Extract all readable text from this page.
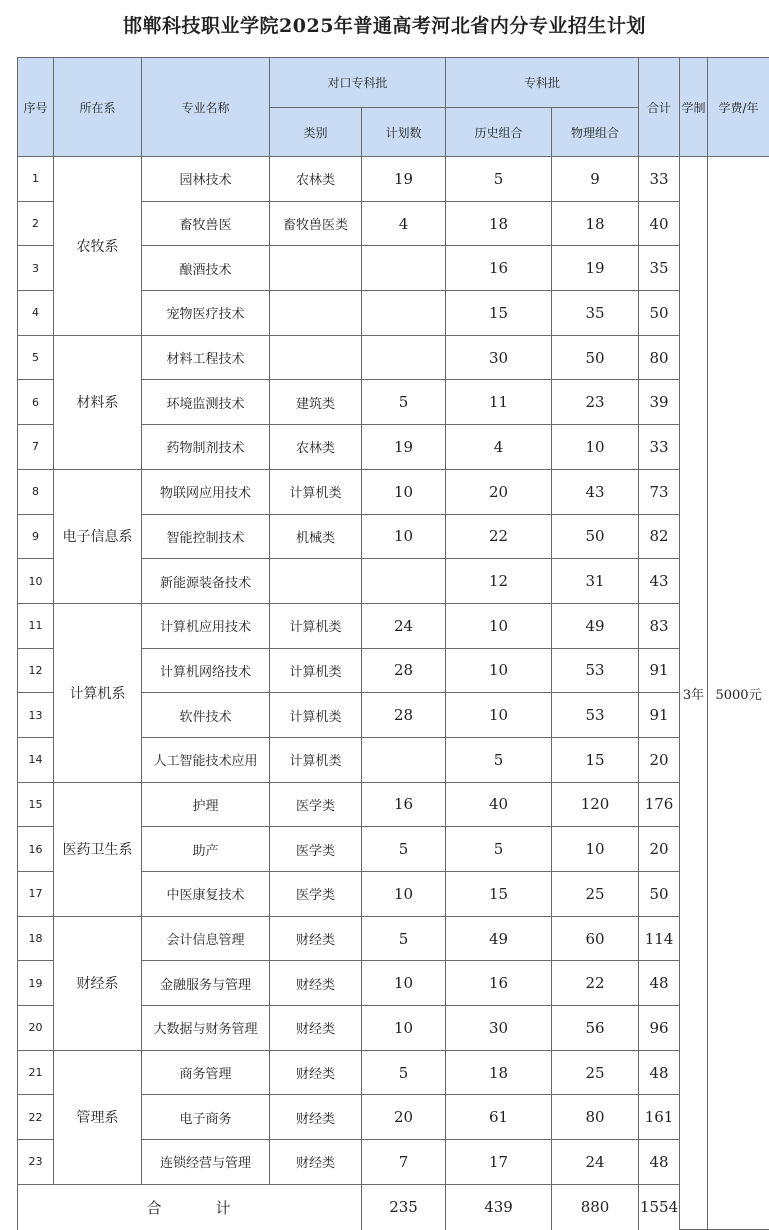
邯郸科技职业学院2025年普通高考河北省内分专业招生计划
序号	所在系	专业名称	对口专科批		专科批		合计	学制	学费/年
			类别	计划数	历史组合	物理组合			
1	农牧系	园林技术	农林类	19	5	9	33	3年	5000元
2		畜牧兽医	畜牧兽医类	4	18	18	40		
3		酿酒技术			16	19	35		
4		宠物医疗技术			15	35	50		
5	材料系	材料工程技术			30	50	80		
6		环境监测技术	建筑类	5	11	23	39		
7		药物制剂技术	农林类	19	4	10	33		
8	电子信息系	物联网应用技术	计算机类	10	20	43	73		
9		智能控制技术	机械类	10	22	50	82		
10		新能源装备技术			12	31	43		
11	计算机系	计算机应用技术	计算机类	24	10	49	83		
12		计算机网络技术	计算机类	28	10	53	91		
13		软件技术	计算机类	28	10	53	91		
14		人工智能技术应用	计算机类		5	15	20		
15	医药卫生系	护理	医学类	16	40	120	176		
16		助产	医学类	5	5	10	20		
17		中医康复技术	医学类	10	15	25	50		
18	财经系	会计信息管理	财经类	5	49	60	114		
19		金融服务与管理	财经类	10	16	22	48		
20		大数据与财务管理	财经类	10	30	56	96		
21	管理系	商务管理	财经类	5	18	25	48		
22		电子商务	财经类	20	61	80	161		
23		连锁经营与管理	财经类	7	17	24	48		
合 计				235	439	880	1554		
